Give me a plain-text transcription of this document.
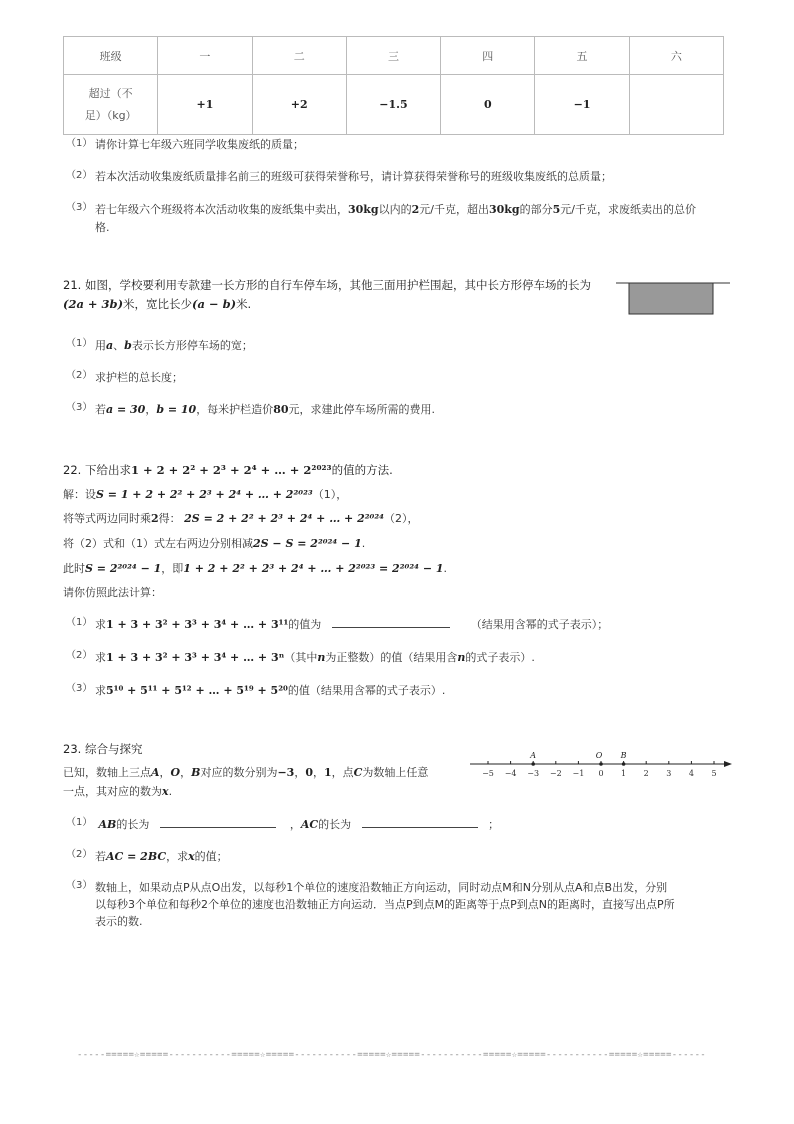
班级	一	二	三	四	五	六
超过（不
足）（kg）	+1	+2	−1.5	0	−1	
（1） 请你计算七年级六班同学收集废纸的质量；
（2） 若本次活动收集废纸质量排名前三的班级可获得荣誉称号，请计算获得荣誉称号的班级收集废纸的总质量；
（3） 若七年级六个班级将本次活动收集的废纸集中卖出，30kg以内的2元/千克，超出30kg的部分5元/千克，求废纸卖出的总价
格.
21. 如图，学校要利用专款建一长方形的自行车停车场，其他三面用护栏围起，其中长方形停车场的长为
(2a + 3b)米，宽比长少(a − b)米.
（1） 用a、b表示长方形停车场的宽；
（2） 求护栏的总长度；
（3） 若a = 30，b = 10，每米护栏造价80元，求建此停车场所需的费用.
22. 下给出求1 + 2 + 2² + 2³ + 2⁴ + … + 2²⁰²³的值的方法.
解：设S = 1 + 2 + 2² + 2³ + 2⁴ + … + 2²⁰²³（1），
将等式两边同时乘2得： 2S = 2 + 2² + 2³ + 2⁴ + … + 2²⁰²⁴（2），
将（2）式和（1）式左右两边分别相减2S − S = 2²⁰²⁴ − 1.
此时S = 2²⁰²⁴ − 1，即1 + 2 + 2² + 2³ + 2⁴ + … + 2²⁰²³ = 2²⁰²⁴ − 1.
请你仿照此法计算：
（1） 求1 + 3 + 3² + 3³ + 3⁴ + … + 3¹¹的值为	（结果用含幂的式子表示）；
（2） 求1 + 3 + 3² + 3³ + 3⁴ + … + 3ⁿ（其中n为正整数）的值（结果用含n的式子表示）.
（3） 求5¹⁰ + 5¹¹ + 5¹² + … + 5¹⁹ + 5²⁰的值（结果用含幂的式子表示）.
23. 综合与探究
已知，数轴上三点A，O，B对应的数分别为−3，0，1，点C为数轴上任意
一点，其对应的数为x.
−5 −4 −3 −2 −1 0 1 2 3 4 5
A	O B
（1） AB的长为	，AC的长为	；
（2） 若AC = 2BC，求x的值；
（3） 数轴上，如果动点P从点O出发，以每秒1个单位的速度沿数轴正方向运动，同时动点M和N分别从点A和点B出发，分别
以每秒3个单位和每秒2个单位的速度也沿数轴正方向运动．当点P到点M的距离等于点P到点N的距离时，直接写出点P所
表示的数.
-----=====☆=====-----------=====☆=====-----------=====☆=====-----------=====☆=====-----------=====☆=====------
